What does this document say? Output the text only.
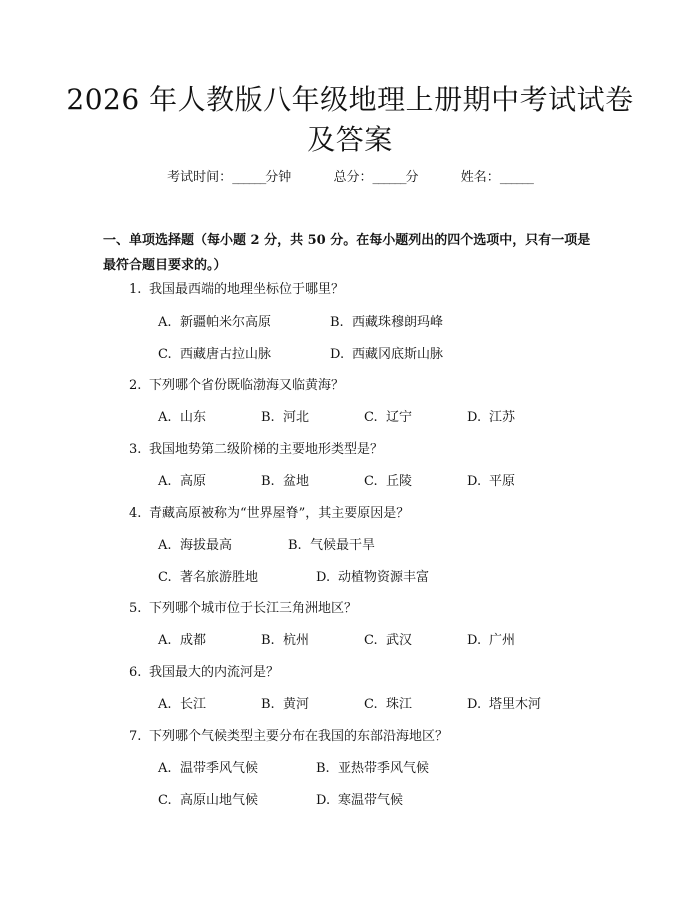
2026 年人教版八年级地理上册期中考试试卷及答案
考试时间：______分钟	总分：______分	姓名：______
一、单项选择题（每小题 2 分，共 50 分。在每小题列出的四个选项中，只有一项是最符合题目要求的。）
1. 我国最西端的地理坐标位于哪里？
A. 新疆帕米尔高原	B. 西藏珠穆朗玛峰
C. 西藏唐古拉山脉	D. 西藏冈底斯山脉
2. 下列哪个省份既临渤海又临黄海？
A. 山东	B. 河北	C. 辽宁	D. 江苏
3. 我国地势第二级阶梯的主要地形类型是？
A. 高原	B. 盆地	C. 丘陵	D. 平原
4. 青藏高原被称为“世界屋脊”，其主要原因是？
A. 海拔最高	B. 气候最干旱
C. 著名旅游胜地	D. 动植物资源丰富
5. 下列哪个城市位于长江三角洲地区？
A. 成都	B. 杭州	C. 武汉	D. 广州
6. 我国最大的内流河是？
A. 长江	B. 黄河	C. 珠江	D. 塔里木河
7. 下列哪个气候类型主要分布在我国的东部沿海地区？
A. 温带季风气候	B. 亚热带季风气候
C. 高原山地气候	D. 寒温带气候
